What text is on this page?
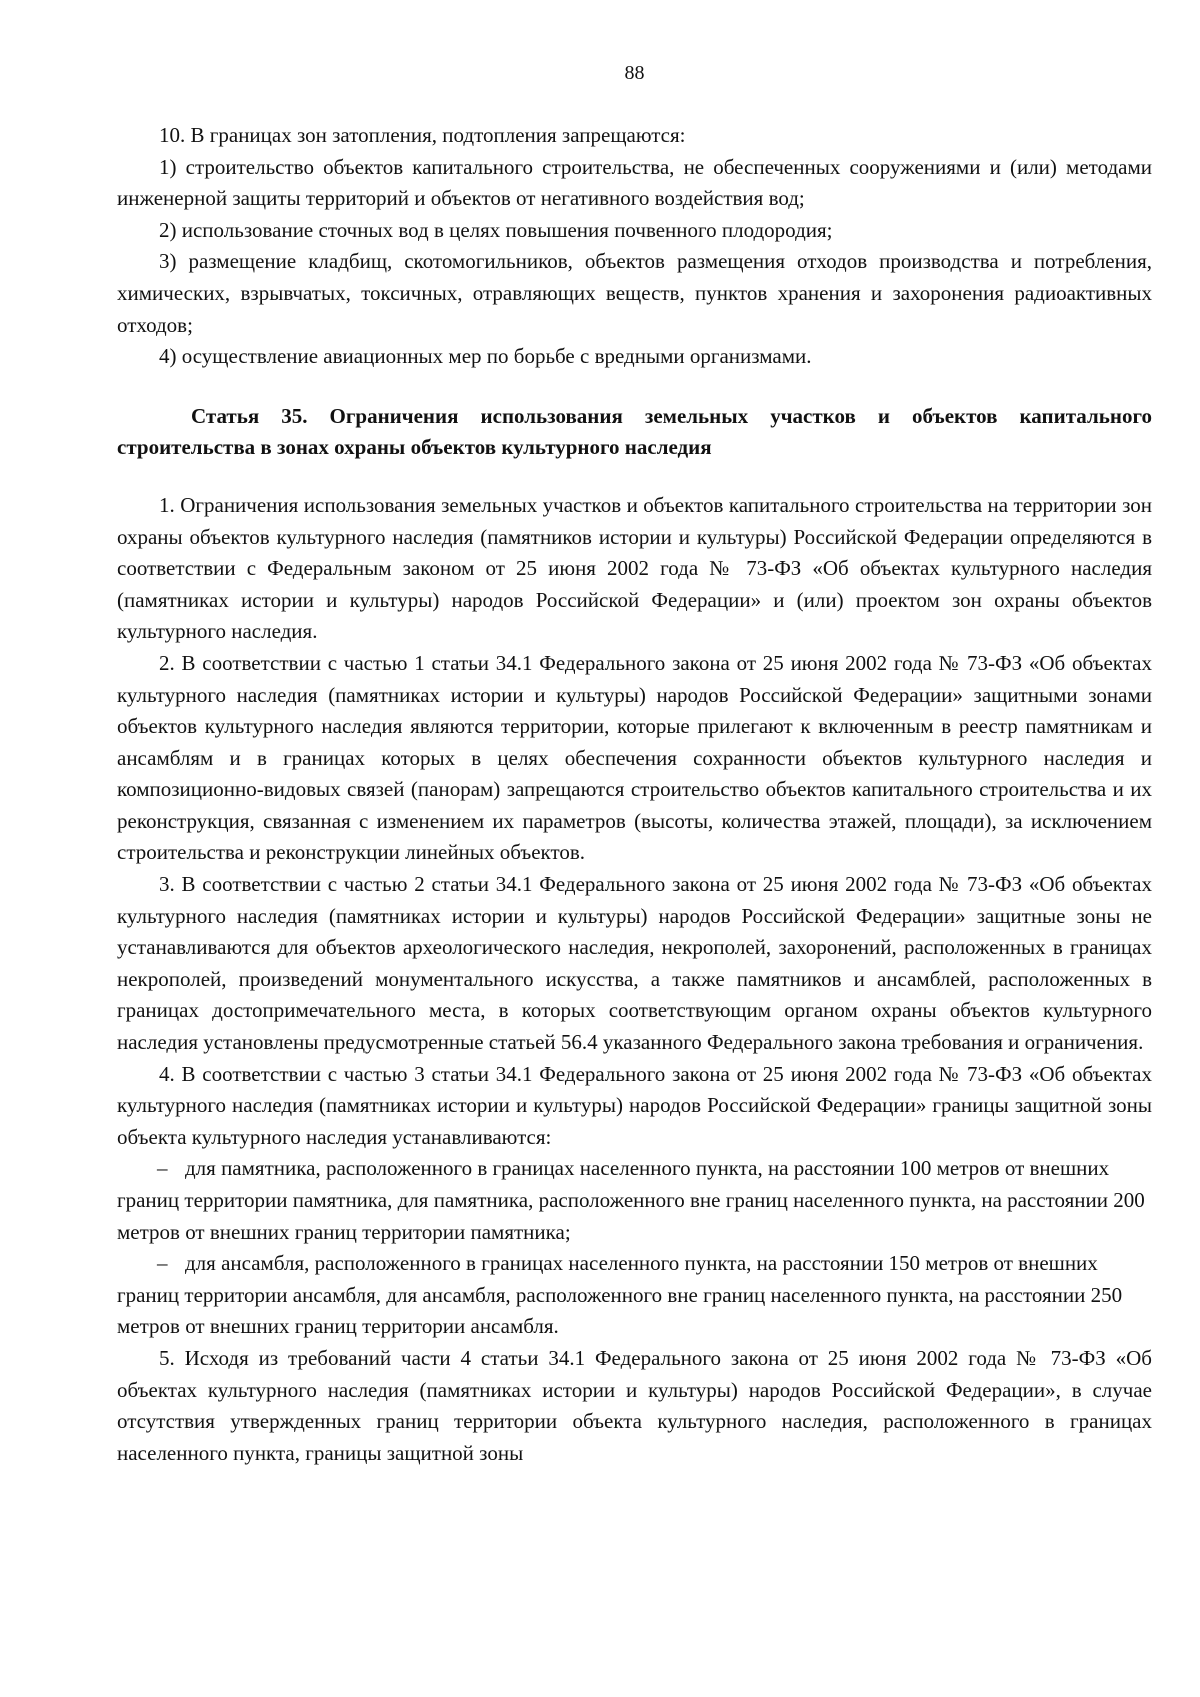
88

10. В границах зон затопления, подтопления запрещаются:

1) строительство объектов капитального строительства, не обеспеченных сооружениями и (или) методами инженерной защиты территорий и объектов от негативного воздействия вод;

2) использование сточных вод в целях повышения почвенного плодородия;

3) размещение кладбищ, скотомогильников, объектов размещения отходов производства и потребления, химических, взрывчатых, токсичных, отравляющих веществ, пунктов хранения и захоронения радиоактивных отходов;

4) осуществление авиационных мер по борьбе с вредными организмами.

Статья 35. Ограничения использования земельных участков и объектов капитального строительства в зонах охраны объектов культурного наследия

1. Ограничения использования земельных участков и объектов капитального строительства на территории зон охраны объектов культурного наследия (памятников истории и культуры) Российской Федерации определяются в соответствии с Федеральным законом от 25 июня 2002 года № 73-ФЗ «Об объектах культурного наследия (памятниках истории и культуры) народов Российской Федерации» и (или) проектом зон охраны объектов культурного наследия.

2. В соответствии с частью 1 статьи 34.1 Федерального закона от 25 июня 2002 года № 73-ФЗ «Об объектах культурного наследия (памятниках истории и культуры) народов Российской Федерации» защитными зонами объектов культурного наследия являются территории, которые прилегают к включенным в реестр памятникам и ансамблям и в границах которых в целях обеспечения сохранности объектов культурного наследия и композиционно-видовых связей (панорам) запрещаются строительство объектов капитального строительства и их реконструкция, связанная с изменением их параметров (высоты, количества этажей, площади), за исключением строительства и реконструкции линейных объектов.

3. В соответствии с частью 2 статьи 34.1 Федерального закона от 25 июня 2002 года № 73-ФЗ «Об объектах культурного наследия (памятниках истории и культуры) народов Российской Федерации» защитные зоны не устанавливаются для объектов археологического наследия, некрополей, захоронений, расположенных в границах некрополей, произведений монументального искусства, а также памятников и ансамблей, расположенных в границах достопримечательного места, в которых соответствующим органом охраны объектов культурного наследия установлены предусмотренные статьей 56.4 указанного Федерального закона требования и ограничения.

4. В соответствии с частью 3 статьи 34.1 Федерального закона от 25 июня 2002 года № 73-ФЗ «Об объектах культурного наследия (памятниках истории и культуры) народов Российской Федерации» границы защитной зоны объекта культурного наследия устанавливаются:

– для памятника, расположенного в границах населенного пункта, на расстоянии 100 метров от внешних границ территории памятника, для памятника, расположенного вне границ населенного пункта, на расстоянии 200 метров от внешних границ территории памятника;

– для ансамбля, расположенного в границах населенного пункта, на расстоянии 150 метров от внешних границ территории ансамбля, для ансамбля, расположенного вне границ населенного пункта, на расстоянии 250 метров от внешних границ территории ансамбля.

5. Исходя из требований части 4 статьи 34.1 Федерального закона от 25 июня 2002 года № 73-ФЗ «Об объектах культурного наследия (памятниках истории и культуры) народов Российской Федерации», в случае отсутствия утвержденных границ территории объекта культурного наследия, расположенного в границах населенного пункта, границы защитной зоны
